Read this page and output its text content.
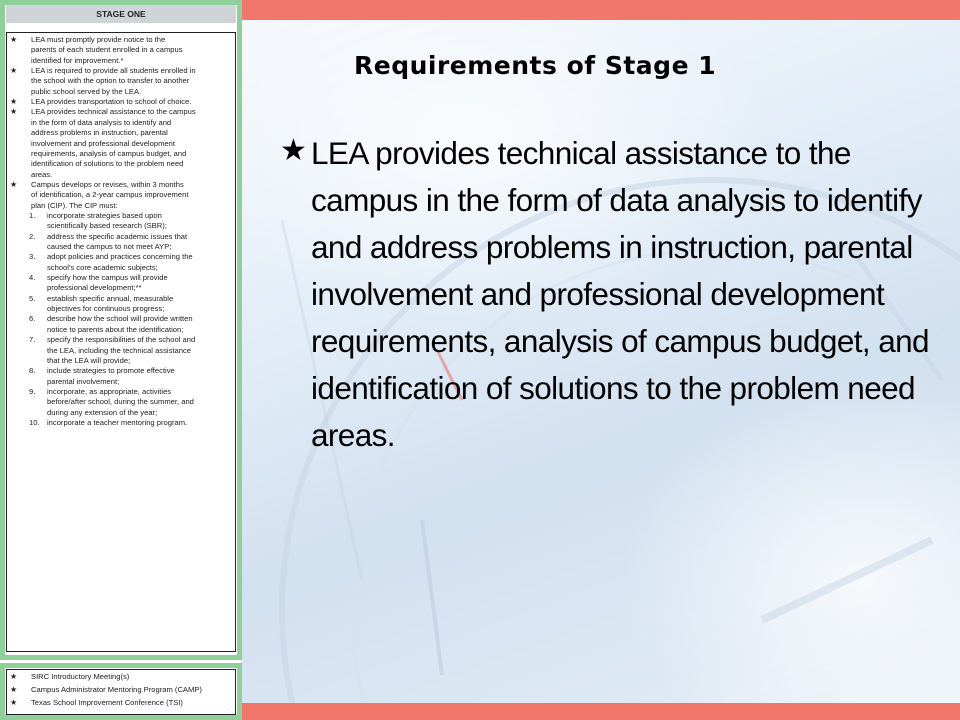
Requirements of Stage 1
★ LEA provides technical assistance to the campus in the form of data analysis to identify and address problems in instruction, parental involvement and professional development requirements, analysis of campus budget, and identification of solutions to the problem need areas.
STAGE ONE
★ LEA must promptly provide notice to the
parents of each student enrolled in a campus
identified for improvement.*
★ LEA is required to provide all students enrolled in
the school with the option to transfer to another
public school served by the LEA.
★ LEA provides transportation to school of choice.
★ LEA provides technical assistance to the campus
in the form of data analysis to identify and
address problems in instruction, parental
involvement and professional development
requirements, analysis of campus budget, and
identification of solutions to the problem need
areas.
★ Campus develops or revises, within 3 months
of identification, a 2-year campus improvement
plan (CIP). The CIP must:
1. incorporate strategies based upon
scientifically based research (SBR);
2. address the specific academic issues that
caused the campus to not meet AYP;
3. adopt policies and practices concerning the
school's core academic subjects;
4. specify how the campus will provide
professional development;**
5. establish specific annual, measurable
objectives for continuous progress;
6. describe how the school will provide written
notice to parents about the identification;
7. specify the responsibilities of the school and
the LEA, including the technical assistance
that the LEA will provide;
8. include strategies to promote effective
parental involvement;
9. incorporate, as appropriate, activities
before/after school, during the summer, and
during any extension of the year;
10. incorporate a teacher mentoring program.
★ SIRC Introductory Meeting(s)
★ Campus Administrator Mentoring Program (CAMP)
★ Texas School Improvement Conference (TSI)
